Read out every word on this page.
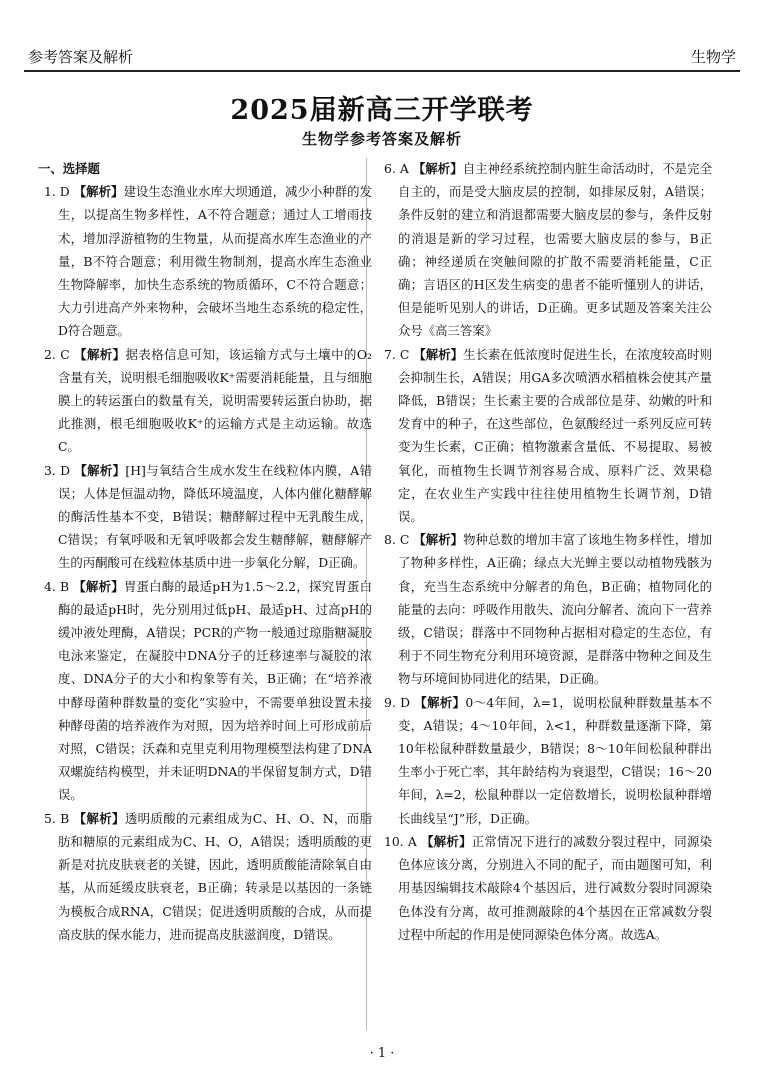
参考答案及解析	生物学
2025届新高三开学联考
生物学参考答案及解析
一、选择题

1. D 【解析】建设生态渔业水库大坝通道，减少小种群的发生，以提高生物多样性，A不符合题意；通过人工增雨技术，增加浮游植物的生物量，从而提高水库生态渔业的产量，B不符合题意；利用微生物制剂，提高水库生态渔业生物降解率，加快生态系统的物质循环，C不符合题意；大力引进高产外来物种，会破坏当地生态系统的稳定性，D符合题意。

2. C 【解析】据表格信息可知，该运输方式与土壤中的O₂含量有关，说明根毛细胞吸收K⁺需要消耗能量，且与细胞膜上的转运蛋白的数量有关，说明需要转运蛋白协助，据此推测，根毛细胞吸收K⁺的运输方式是主动运输。故选C。

3. D 【解析】[H]与氧结合生成水发生在线粒体内膜，A错误；人体是恒温动物，降低环境温度，人体内催化糖酵解的酶活性基本不变，B错误；糖酵解过程中无乳酸生成，C错误；有氧呼吸和无氧呼吸都会发生糖酵解，糖酵解产生的丙酮酸可在线粒体基质中进一步氧化分解，D正确。

4. B 【解析】胃蛋白酶的最适pH为1.5～2.2，探究胃蛋白酶的最适pH时，先分别用过低pH、最适pH、过高pH的缓冲液处理酶，A错误；PCR的产物一般通过琼脂糖凝胶电泳来鉴定，在凝胶中DNA分子的迁移速率与凝胶的浓度、DNA分子的大小和构象等有关，B正确；在“培养液中酵母菌种群数量的变化”实验中，不需要单独设置未接种酵母菌的培养液作为对照，因为培养时间上可形成前后对照，C错误；沃森和克里克利用物理模型法构建了DNA双螺旋结构模型，并未证明DNA的半保留复制方式，D错误。

5. B 【解析】透明质酸的元素组成为C、H、O、N，而脂肪和糖原的元素组成为C、H、O，A错误；透明质酸的更新是对抗皮肤衰老的关键，因此，透明质酸能清除氧自由基，从而延缓皮肤衰老，B正确；转录是以基因的一条链为模板合成RNA，C错误；促进透明质酸的合成，从而提高皮肤的保水能力，进而提高皮肤滋润度，D错误。

6. A 【解析】自主神经系统控制内脏生命活动时，不是完全自主的，而是受大脑皮层的控制，如排尿反射，A错误；条件反射的建立和消退都需要大脑皮层的参与，条件反射的消退是新的学习过程，也需要大脑皮层的参与，B正确；神经递质在突触间隙的扩散不需要消耗能量，C正确；言语区的H区发生病变的患者不能听懂别人的讲话，但是能听见别人的讲话，D正确。更多试题及答案关注公众号《高三答案》

7. C 【解析】生长素在低浓度时促进生长，在浓度较高时则会抑制生长，A错误；用GA多次喷洒水稻植株会使其产量降低，B错误；生长素主要的合成部位是芽、幼嫩的叶和发育中的种子，在这些部位，色氨酸经过一系列反应可转变为生长素，C正确；植物激素含量低、不易提取、易被氧化，而植物生长调节剂容易合成、原料广泛、效果稳定，在农业生产实践中往往使用植物生长调节剂，D错误。

8. C 【解析】物种总数的增加丰富了该地生物多样性，增加了物种多样性，A正确；绿点大光蝉主要以动植物残骸为食，充当生态系统中分解者的角色，B正确；植物同化的能量的去向：呼吸作用散失、流向分解者、流向下一营养级，C错误；群落中不同物种占据相对稳定的生态位，有利于不同生物充分利用环境资源，是群落中物种之间及生物与环境间协同进化的结果，D正确。

9. D 【解析】0～4年间，λ=1，说明松鼠种群数量基本不变，A错误；4～10年间，λ<1，种群数量逐渐下降，第10年松鼠种群数量最少，B错误；8～10年间松鼠种群出生率小于死亡率，其年龄结构为衰退型，C错误；16～20年间，λ=2，松鼠种群以一定倍数增长，说明松鼠种群增长曲线呈“J”形，D正确。

10. A 【解析】正常情况下进行的减数分裂过程中，同源染色体应该分离，分别进入不同的配子，而由题图可知，利用基因编辑技术敲除4个基因后，进行减数分裂时同源染色体没有分离，故可推测敲除的4个基因在正常减数分裂过程中所起的作用是使同源染色体分离。故选A。

· 1 ·
